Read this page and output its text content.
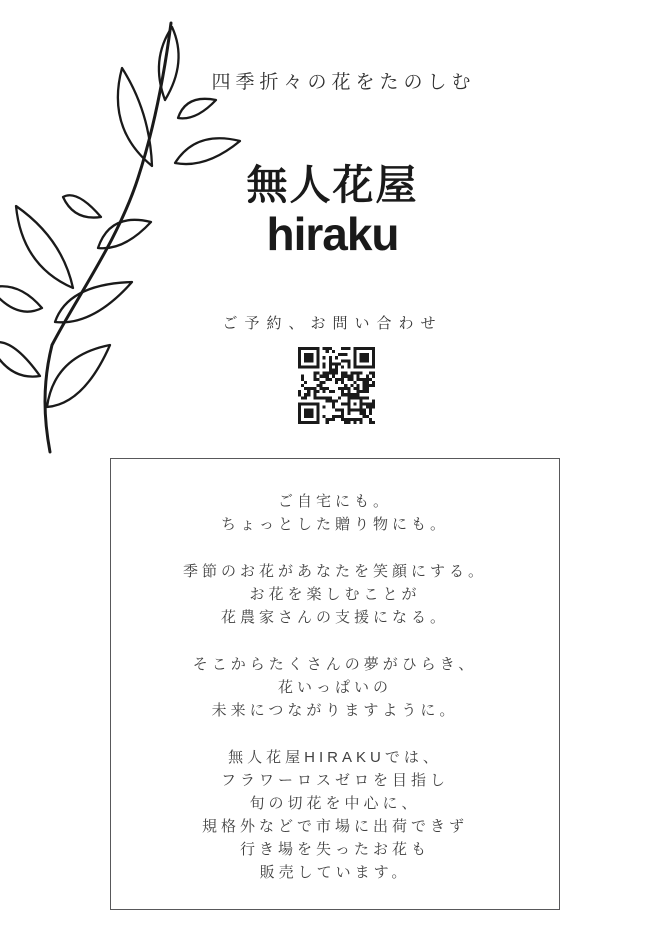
四季折々の花をたのしむ
無人花屋
hiraku
ご予約、お問い合わせ
ご自宅にも。
ちょっとした贈り物にも。
季節のお花があなたを笑顔にする。
お花を楽しむことが
花農家さんの支援になる。
そこからたくさんの夢がひらき、
花いっぱいの
未来につながりますように。
無人花屋HIRAKUでは、
フラワーロスゼロを目指し
旬の切花を中心に、
規格外などで市場に出荷できず
行き場を失ったお花も
販売しています。
